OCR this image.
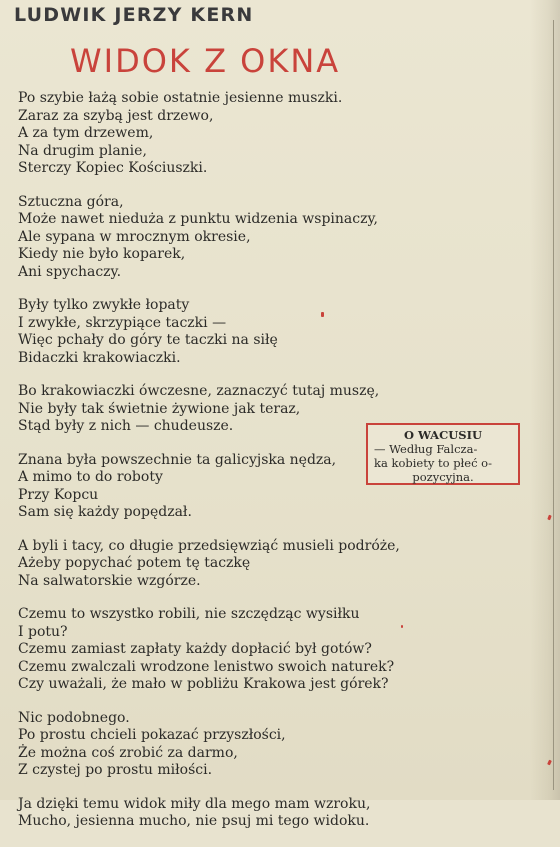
LUDWIK JERZY KERN
WIDOK Z OKNA
Po szybie łażą sobie ostatnie jesienne muszki.
Zaraz za szybą jest drzewo,
A za tym drzewem,
Na drugim planie,
Sterczy Kopiec Kościuszki.
Sztuczna góra,
Może nawet nieduża z punktu widzenia wspinaczy,
Ale sypana w mrocznym okresie,
Kiedy nie było koparek,
Ani spychaczy.
Były tylko zwykłe łopaty
I zwykłe, skrzypiące taczki —
Więc pchały do góry te taczki na siłę
Bidaczki krakowiaczki.
Bo krakowiaczki ówczesne, zaznaczyć tutaj muszę,
Nie były tak świetnie żywione jak teraz,
Stąd były z nich — chudeusze.
Znana była powszechnie ta galicyjska nędza,
A mimo to do roboty
Przy Kopcu
Sam się każdy popędzał.
A byli i tacy, co długie przedsięwziąć musieli podróże,
Ażeby popychać potem tę taczkę
Na salwatorskie wzgórze.
Czemu to wszystko robili, nie szczędząc wysiłku
I potu?
Czemu zamiast zapłaty każdy dopłacić był gotów?
Czemu zwalczali wrodzone lenistwo swoich naturek?
Czy uważali, że mało w pobliżu Krakowa jest górek?
Nic podobnego.
Po prostu chcieli pokazać przyszłości,
Że można coś zrobić za darmo,
Z czystej po prostu miłości.
Ja dzięki temu widok miły dla mego mam wzroku,
Mucho, jesienna mucho, nie psuj mi tego widoku.
O WACUSIU
— Według Falcza-
ka kobiety to płeć o-
pozycyjna.
